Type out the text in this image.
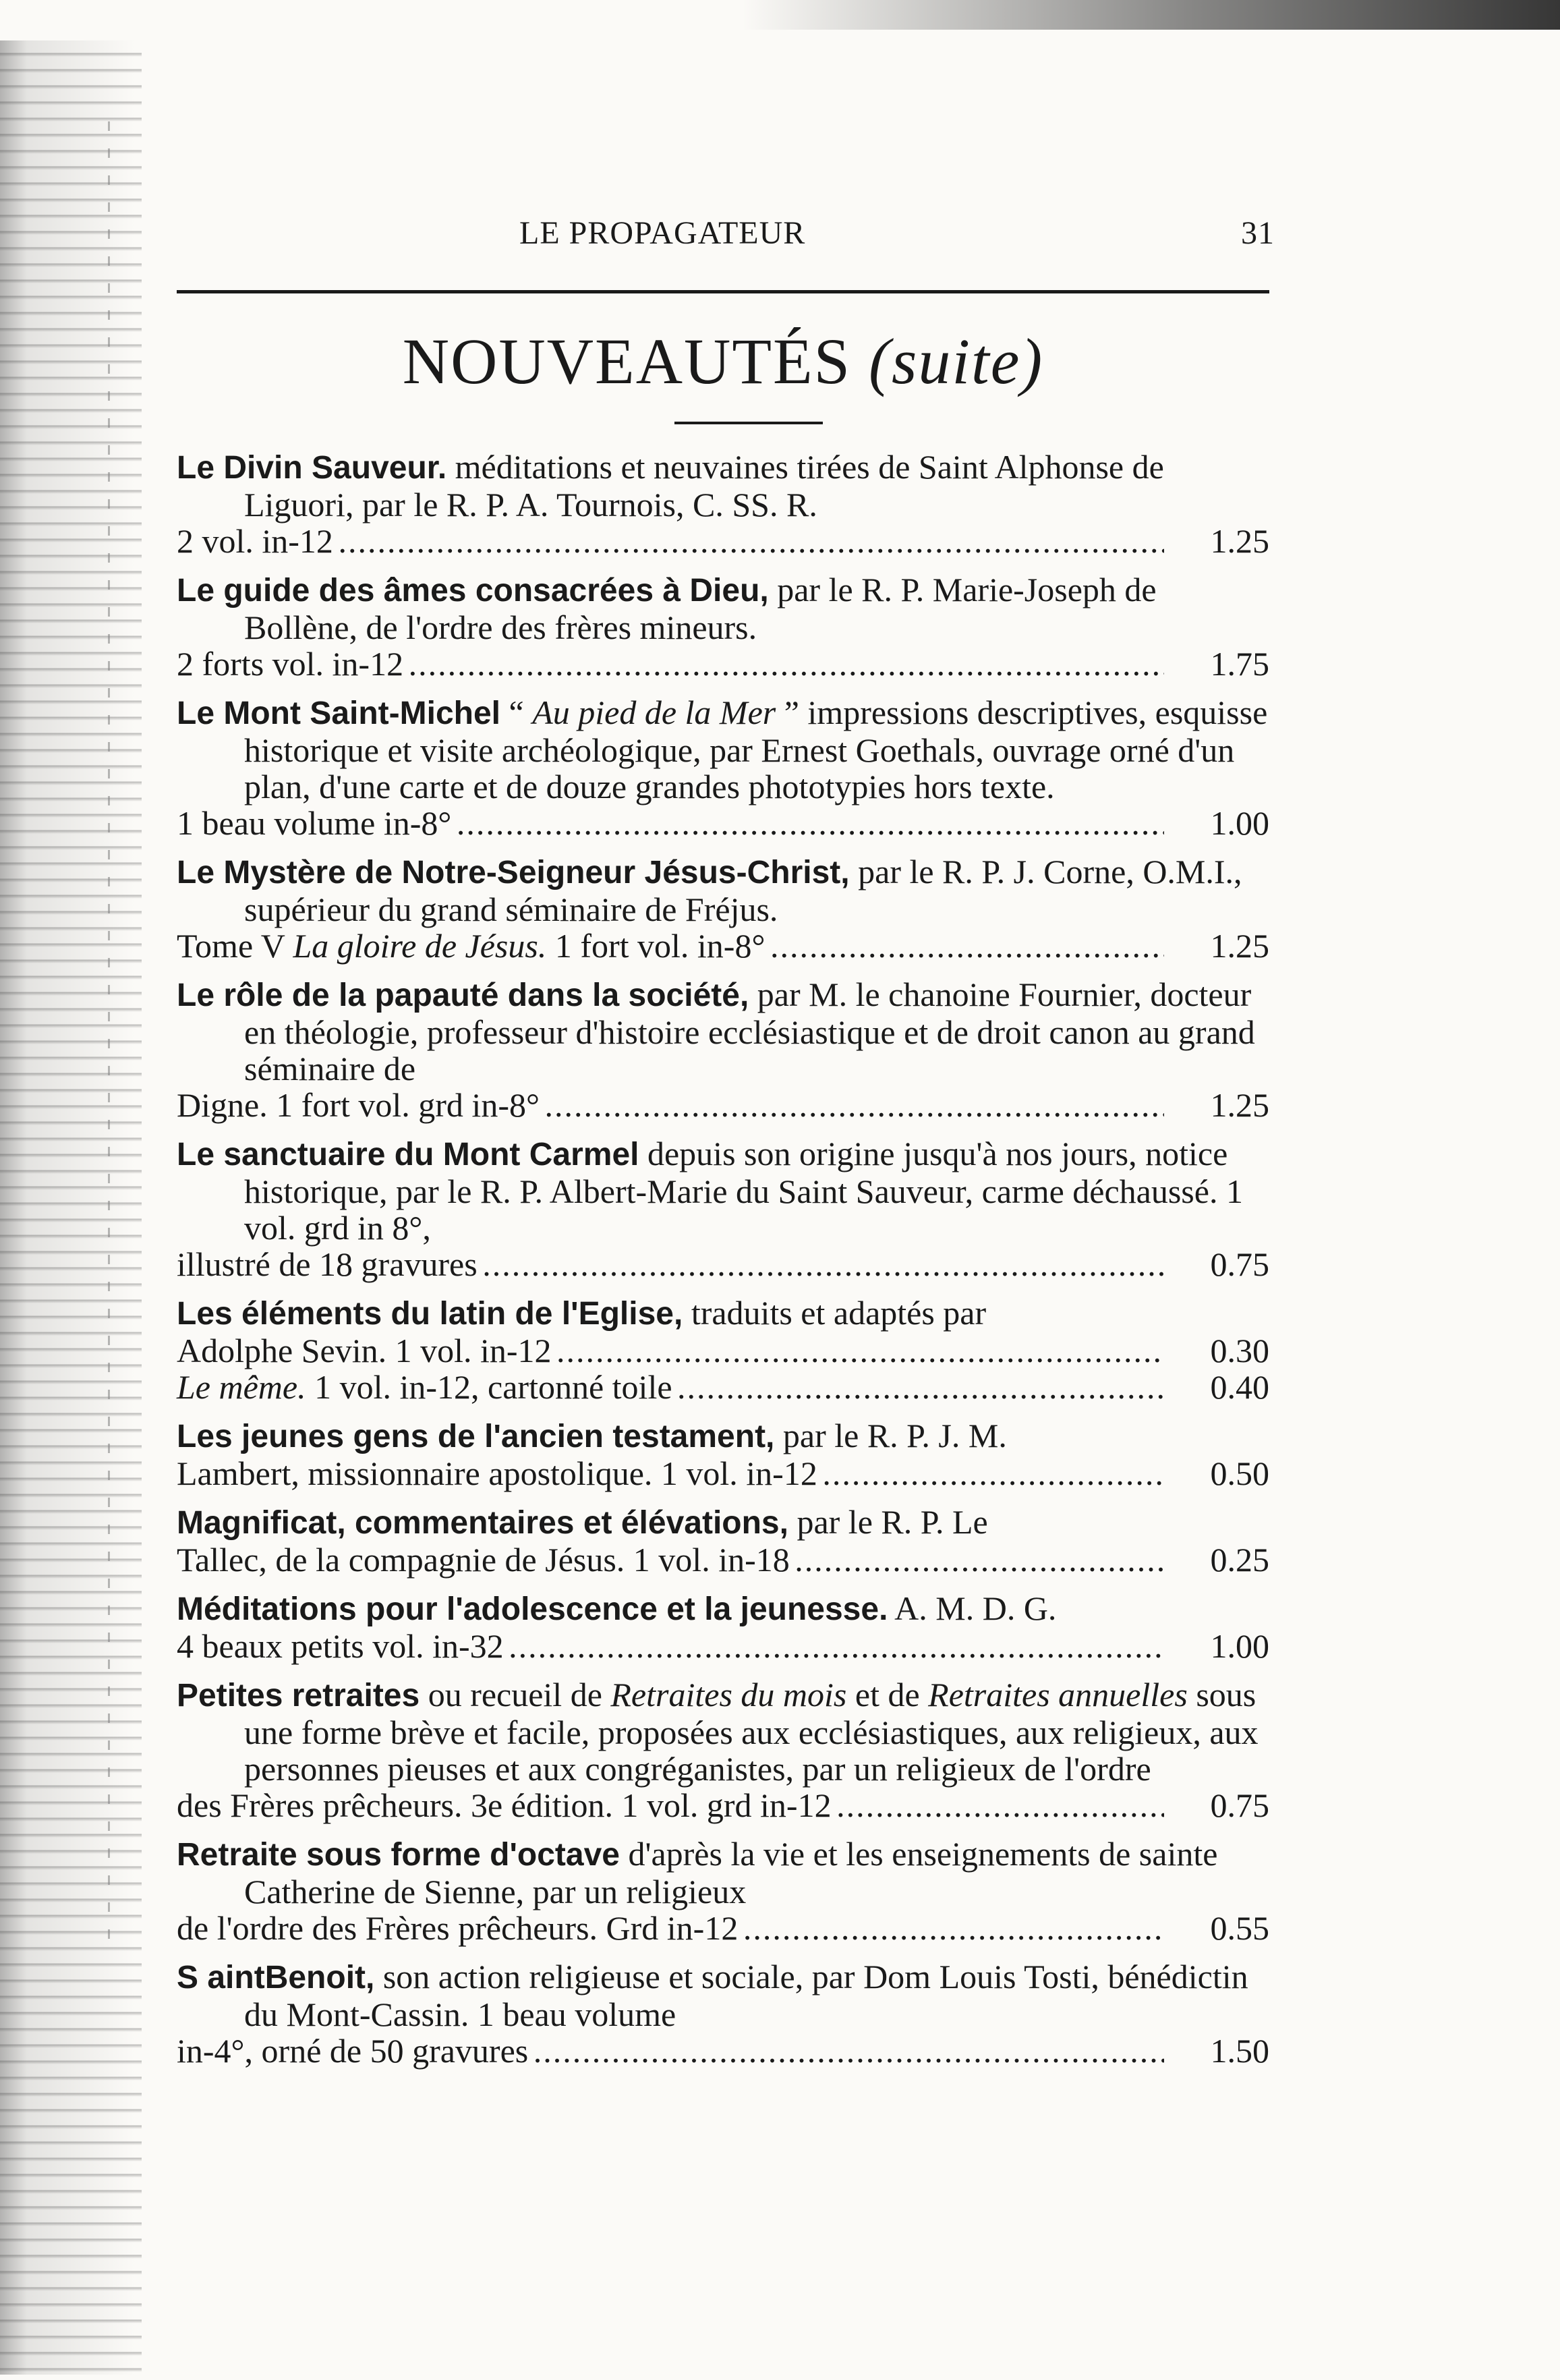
LE PROPAGATEUR	31
NOUVEAUTÉS (suite)
Le Divin Sauveur. méditations et neuvaines tirées de Saint Alphonse de Liguori, par le R. P. A. Tournois, C. SS. R.
2 vol. in-12 .....	1.25
Le guide des âmes consacrées à Dieu, par le R. P. Marie-Joseph de Bollène, de l'ordre des frères mineurs.
2 forts vol. in-12 .....	1.75
Le Mont Saint-Michel “ Au pied de la Mer ” impressions descriptives, esquisse historique et visite archéologique, par Ernest Goethals, ouvrage orné d'un plan, d'une carte et de douze grandes phototypies hors texte.
1 beau volume in-8° .....	1.00
Le Mystère de Notre-Seigneur Jésus-Christ, par le R. P. J. Corne, O.M.I., supérieur du grand séminaire de Fréjus.
Tome V La gloire de Jésus. 1 fort vol. in-8° .....	1.25
Le rôle de la papauté dans la société, par M. le chanoine Fournier, docteur en théologie, professeur d'histoire ecclésiastique et de droit canon au grand séminaire de
Digne. 1 fort vol. grd in-8° .....	1.25
Le sanctuaire du Mont Carmel depuis son origine jusqu'à nos jours, notice historique, par le R. P. Albert-Marie du Saint Sauveur, carme déchaussé. 1 vol. grd in 8°,
illustré de 18 gravures .....	0.75
Les éléments du latin de l'Eglise, traduits et adaptés par
Adolphe Sevin. 1 vol. in-12 .....	0.30
Le même. 1 vol. in-12, cartonné toile .....	0.40
Les jeunes gens de l'ancien testament, par le R. P. J. M.
Lambert, missionnaire apostolique. 1 vol. in-12 .....	0.50
Magnificat, commentaires et élévations, par le R. P. Le
Tallec, de la compagnie de Jésus. 1 vol. in-18 .....	0.25
Méditations pour l'adolescence et la jeunesse. A. M. D. G.
4 beaux petits vol. in-32 .....	1.00
Petites retraites ou recueil de Retraites du mois et de Retraites annuelles sous une forme brève et facile, proposées aux ecclésiastiques, aux religieux, aux personnes pieuses et aux congréganistes, par un religieux de l'ordre
des Frères prêcheurs. 3e édition. 1 vol. grd in-12 .....	0.75
Retraite sous forme d'octave d'après la vie et les enseignements de sainte Catherine de Sienne, par un religieux
de l'ordre des Frères prêcheurs. Grd in-12 .....	0.55
S aintBenoit, son action religieuse et sociale, par Dom Louis Tosti, bénédictin du Mont-Cassin. 1 beau volume
in-4°, orné de 50 gravures .....	1.50
